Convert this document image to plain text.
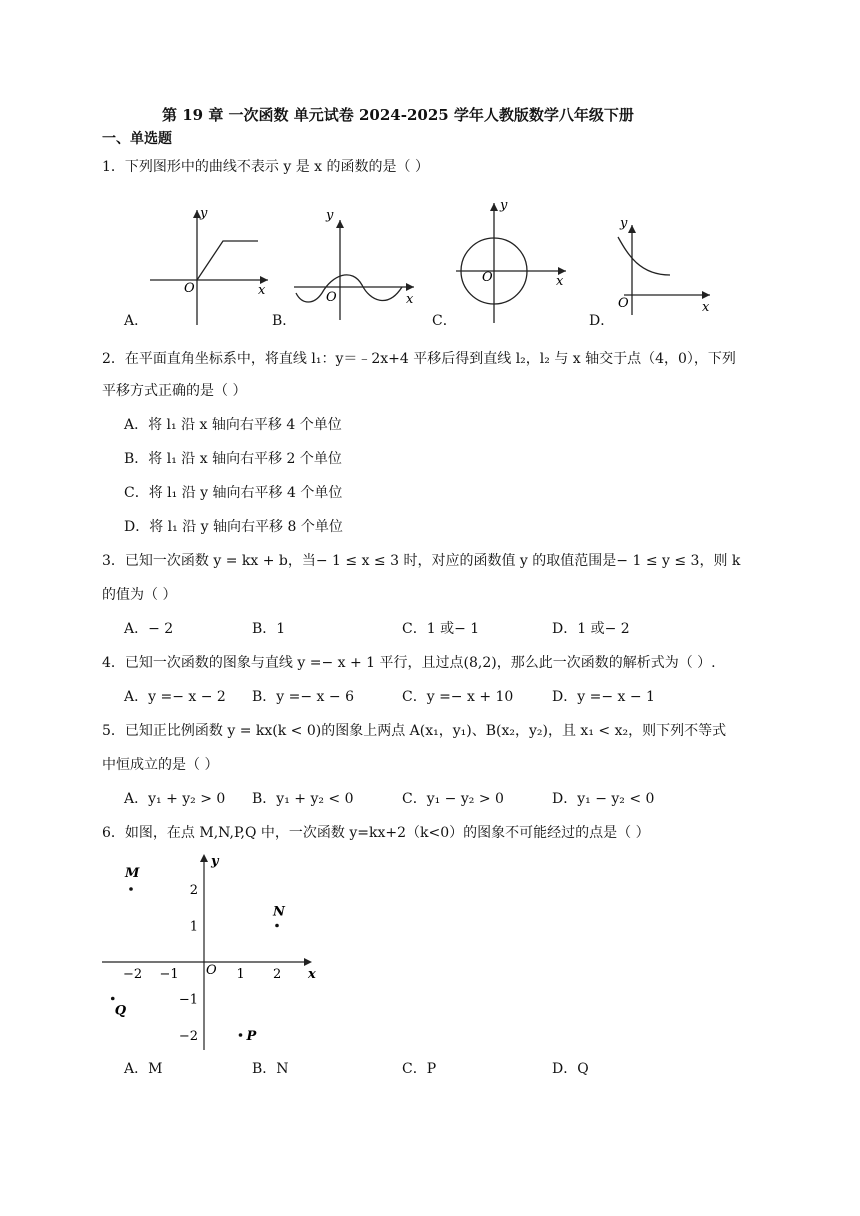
第 19 章 一次函数 单元试卷 2024-2025 学年人教版数学八年级下册
一、单选题
1．下列图形中的曲线不表示 y 是 x 的函数的是（ ）
y
x
O
A．
y
x
O
B．
y
x
O
C．
y
x
O
D．
2．在平面直角坐标系中，将直线 l₁：y＝﹣2x+4 平移后得到直线 l₂，l₂ 与 x 轴交于点（4，0），下列
平移方式正确的是（ ）
A．将 l₁ 沿 x 轴向右平移 4 个单位
B．将 l₁ 沿 x 轴向右平移 2 个单位
C．将 l₁ 沿 y 轴向右平移 4 个单位
D．将 l₁ 沿 y 轴向右平移 8 个单位
3．已知一次函数 y = kx + b，当− 1 ≤ x ≤ 3 时，对应的函数值 y 的取值范围是− 1 ≤ y ≤ 3，则 k
的值为（ ）
A．− 2	B．1	C．1 或− 1	D．1 或− 2
4．已知一次函数的图象与直线 y =− x + 1 平行，且过点(8,2)，那么此一次函数的解析式为（ ）.
A．y =− x − 2 B．y =− x − 6	C．y =− x + 10	D．y =− x − 1
5．已知正比例函数 y = kx(k < 0)的图象上两点 A(x₁，y₁)、B(x₂，y₂)，且 x₁ < x₂，则下列不等式
中恒成立的是（ ）
A．y₁ + y₂ > 0 B．y₁ + y₂ < 0	C．y₁ − y₂ > 0	D．y₁ − y₂ < 0
6．如图，在点 M,N,P,Q 中，一次函数 y=kx+2（k<0）的图象不可能经过的点是（ ）
y
x
O
−2 −1	1 2
2
1
−1
−2
M
N
P
Q
A．M	B．N	C．P	D．Q
